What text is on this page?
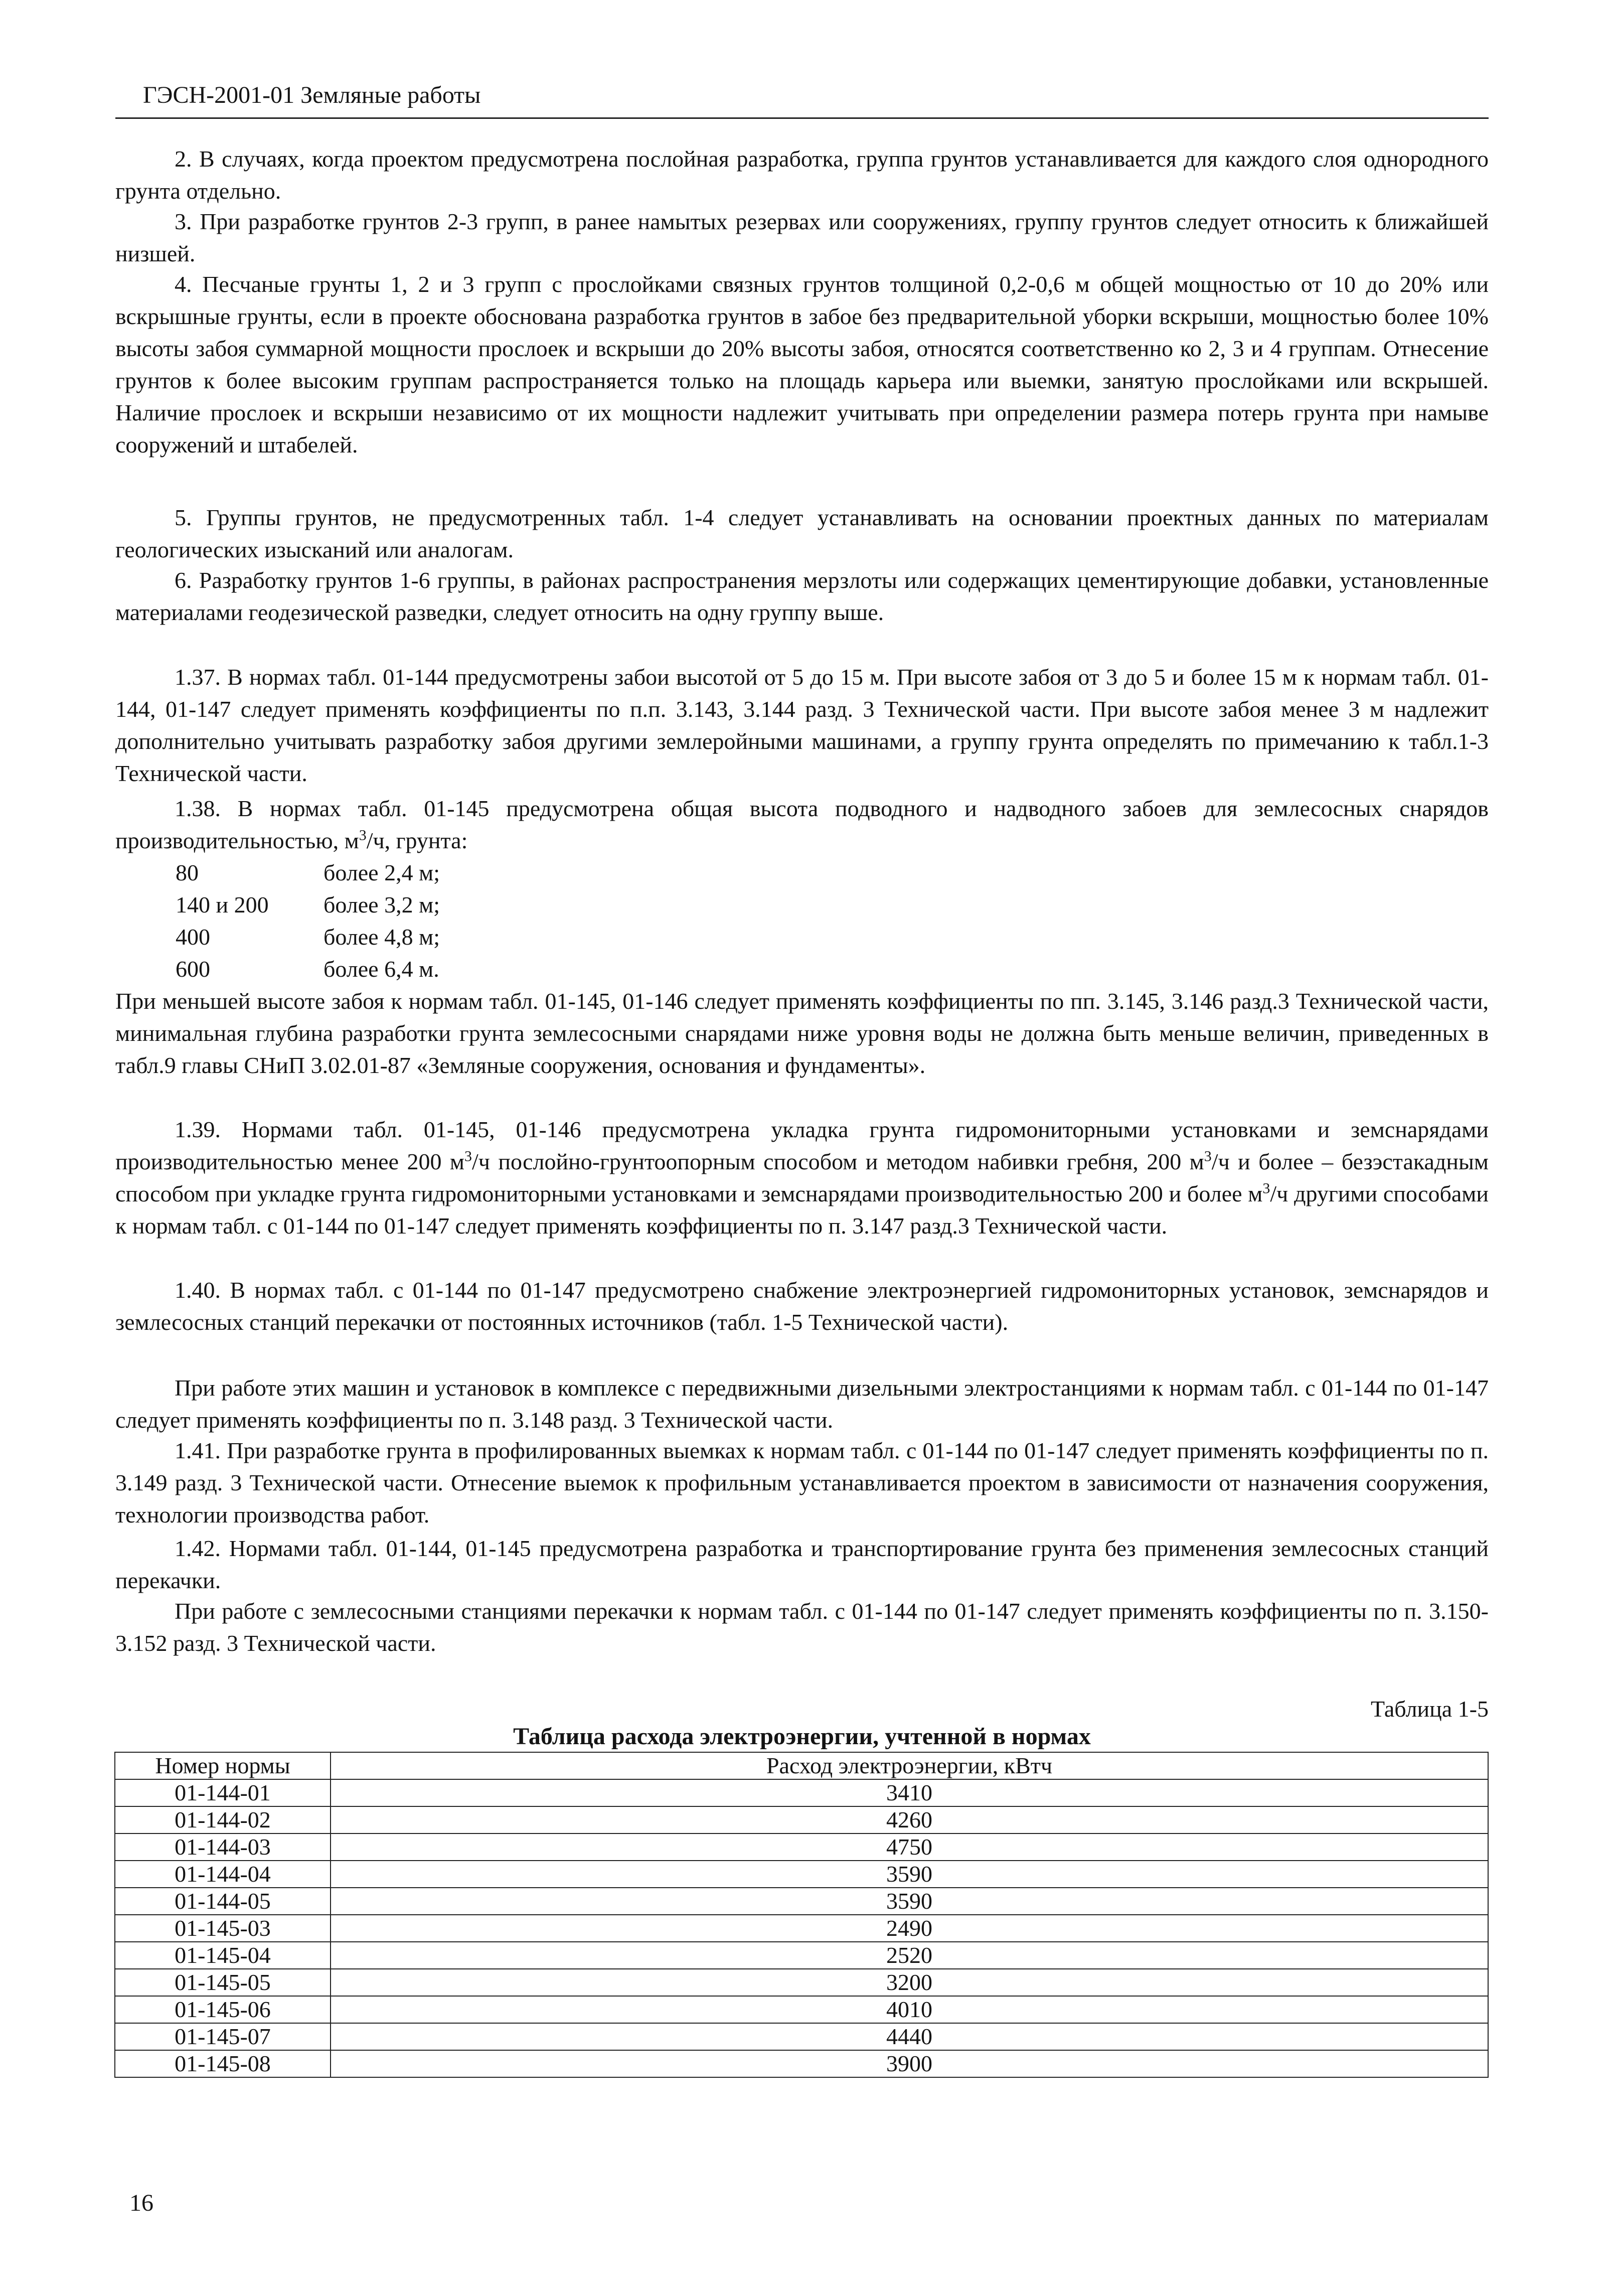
ГЭСН-2001-01 Земляные работы

2. В случаях, когда проектом предусмотрена послойная разработка, группа грунтов устанавливается для каждого слоя однородного грунта отдельно.

3. При разработке грунтов 2-3 групп, в ранее намытых резервах или сооружениях, группу грунтов следует относить к ближайшей низшей.

4. Песчаные грунты 1, 2 и 3 групп с прослойками связных грунтов толщиной 0,2-0,6 м общей мощностью от 10 до 20% или вскрышные грунты, если в проекте обоснована разработка грунтов в забое без предварительной уборки вскрыши, мощностью более 10% высоты забоя суммарной мощности прослоек и вскрыши до 20% высоты забоя, относятся соответственно ко 2, 3 и 4 группам. Отнесение грунтов к более высоким группам распространяется только на площадь карьера или выемки, занятую прослойками или вскрышей. Наличие прослоек и вскрыши независимо от их мощности надлежит учитывать при определении размера потерь грунта при намыве сооружений и штабелей.

5. Группы грунтов, не предусмотренных табл. 1-4 следует устанавливать на основании проектных данных по материалам геологических изысканий или аналогам.

6. Разработку грунтов 1-6 группы, в районах распространения мерзлоты или содержащих цементирующие добавки, установленные материалами геодезической разведки, следует относить на одну группу выше.

1.37. В нормах табл. 01-144 предусмотрены забои высотой от 5 до 15 м. При высоте забоя от 3 до 5 и более 15 м к нормам табл. 01-144, 01-147 следует применять коэффициенты по п.п. 3.143, 3.144 разд. 3 Технической части. При высоте забоя менее 3 м надлежит дополнительно учитывать разработку забоя другими землеройными машинами, а группу грунта определять по примечанию к табл.1-3 Технической части.

1.38. В нормах табл. 01-145 предусмотрена общая высота подводного и надводного забоев для землесосных снарядов производительностью, $м^3/ч$, грунта:

80	более 2,4 м;
140 и 200 более 3,2 м;
400	более 4,8 м;
600	более 6,4 м.

При меньшей высоте забоя к нормам табл. 01-145, 01-146 следует применять коэффициенты по пп. 3.145, 3.146 разд.3 Технической части, минимальная глубина разработки грунта землесосными снарядами ниже уровня воды не должна быть меньше величин, приведенных в табл.9 главы СНиП 3.02.01-87 «Земляные сооружения, основания и фундаменты».

1.39. Нормами табл. 01-145, 01-146 предусмотрена укладка грунта гидромониторными установками и земснарядами производительностью менее 200 $м^3/ч$ послойно-грунтоопорным способом и методом набивки гребня, 200 $м^3/ч$ и более – безэстакадным способом при укладке грунта гидромониторными установками и земснарядами производительностью 200 и более $м^3/ч$ другими способами к нормам табл. с 01-144 по 01-147 следует применять коэффициенты по п. 3.147 разд.3 Технической части.

1.40. В нормах табл. с 01-144 по 01-147 предусмотрено снабжение электроэнергией гидромониторных установок, земснарядов и землесосных станций перекачки от постоянных источников (табл. 1-5 Технической части).

При работе этих машин и установок в комплексе с передвижными дизельными электростанциями к нормам табл. с 01-144 по 01-147 следует применять коэффициенты по п. 3.148 разд. 3 Технической части.

1.41. При разработке грунта в профилированных выемках к нормам табл. с 01-144 по 01-147 следует применять коэффициенты по п. 3.149 разд. 3 Технической части. Отнесение выемок к профильным устанавливается проектом в зависимости от назначения сооружения, технологии производства работ.

1.42. Нормами табл. 01-144, 01-145 предусмотрена разработка и транспортирование грунта без применения землесосных станций перекачки.

При работе с землесосными станциями перекачки к нормам табл. с 01-144 по 01-147 следует применять коэффициенты по п. 3.150-3.152 разд. 3 Технической части.

Таблица 1-5
Таблица расхода электроэнергии, учтенной в нормах
Номер нормы	Расход электроэнергии, кВтч
01-144-01	3410
01-144-02	4260
01-144-03	4750
01-144-04	3590
01-144-05	3590
01-145-03	2490
01-145-04	2520
01-145-05	3200
01-145-06	4010
01-145-07	4440
01-145-08	3900
16
